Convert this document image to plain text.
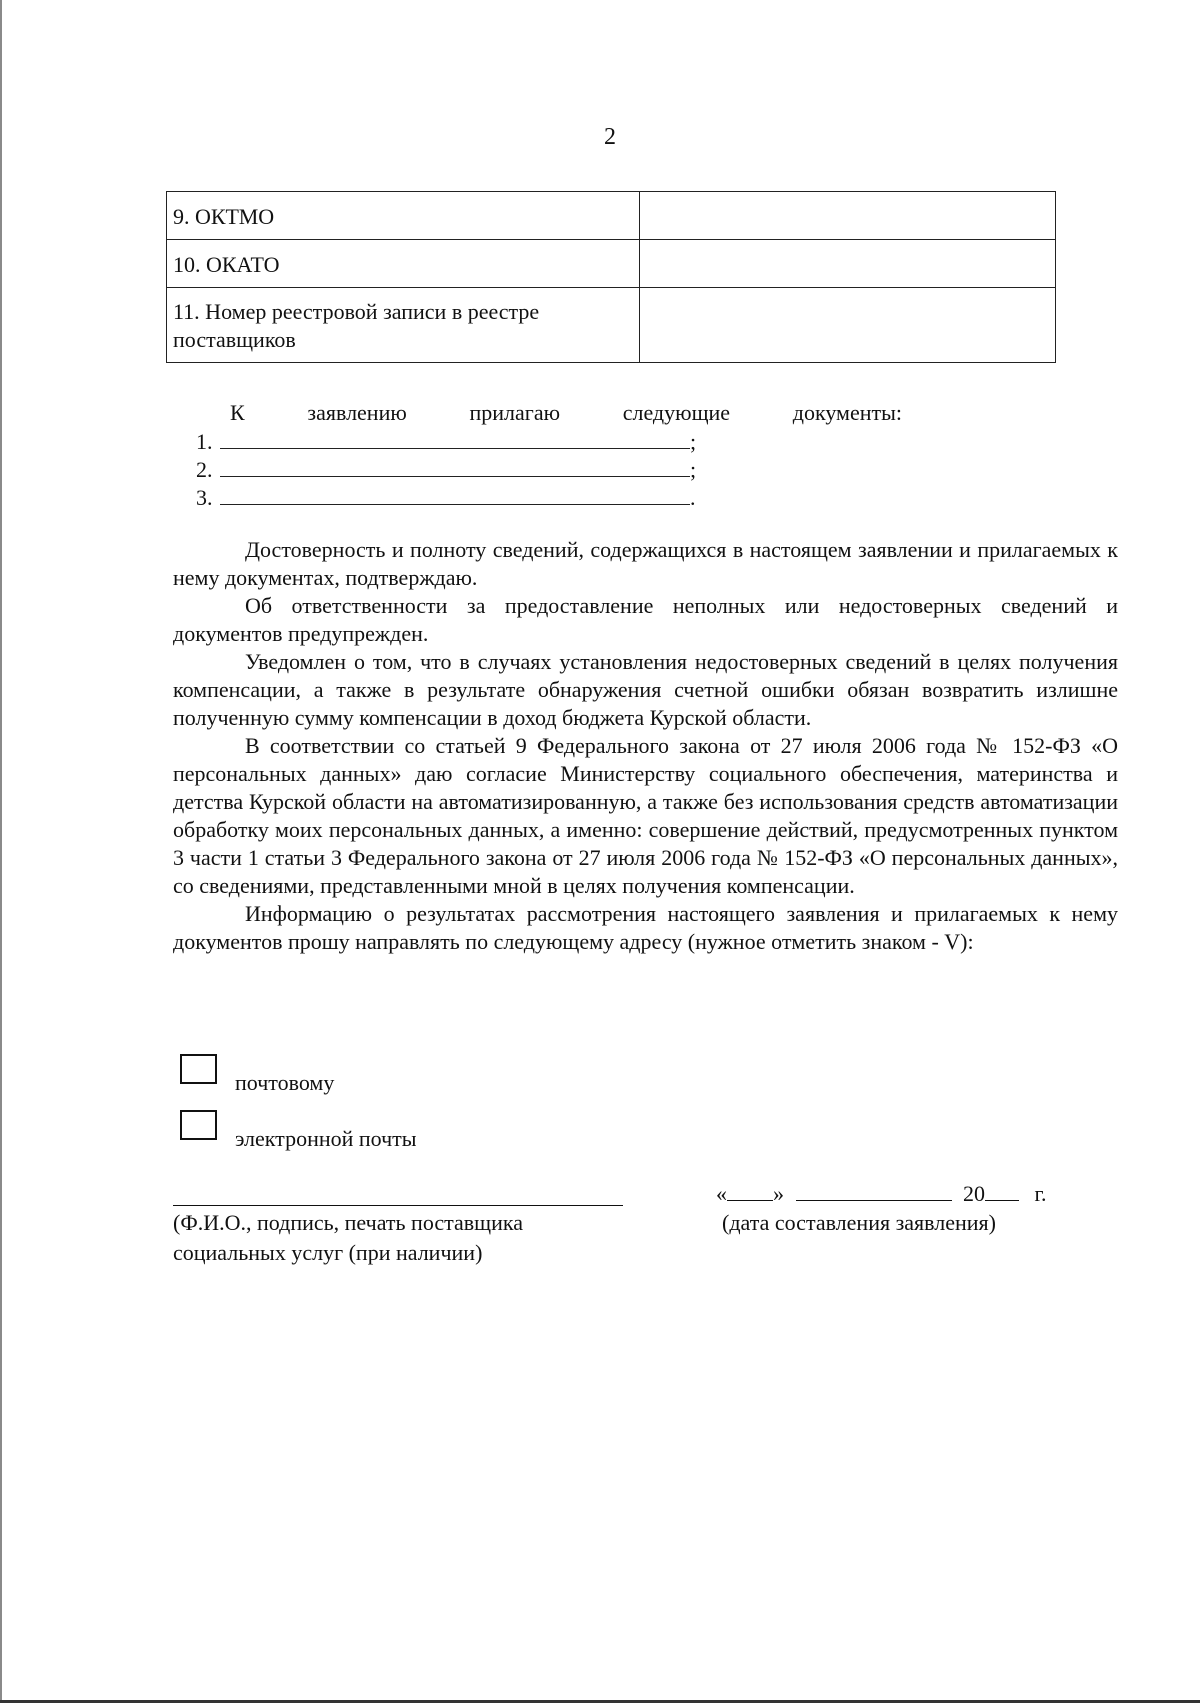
2
9. ОКТМО	
10. ОКАТО	
11. Номер реестровой записи в реестре
поставщиков	
К	заявлению	прилагаю	следующие	документы:
1.	;
2.	;
3.	.

Достоверность и полноту сведений, содержащихся в настоящем заявлении и прилагаемых к нему документах, подтверждаю.

Об ответственности за предоставление неполных или недостоверных сведений и документов предупрежден.

Уведомлен о том, что в случаях установления недостоверных сведений в целях получения компенсации, а также в результате обнаружения счетной ошибки обязан возвратить излишне полученную сумму компенсации в доход бюджета Курской области.

В соответствии со статьей 9 Федерального закона от 27 июля 2006 года № 152-ФЗ «О персональных данных» даю согласие Министерству социального обеспечения, материнства и детства Курской области на автоматизированную, а также без использования средств автоматизации обработку моих персональных данных, а именно: совершение действий, предусмотренных пунктом 3 части 1 статьи 3 Федерального закона от 27 июля 2006 года № 152-ФЗ «О персональных данных», со сведениями, представленными мной в целях получения компенсации.

Информацию о результатах рассмотрения настоящего заявления и прилагаемых к нему документов прошу направлять по следующему адресу (нужное отметить знаком - V):

почтовому
электронной почты
(Ф.И.О., подпись, печать поставщика
социальных услуг (при наличии)
« »	20 г.
(дата составления заявления)
